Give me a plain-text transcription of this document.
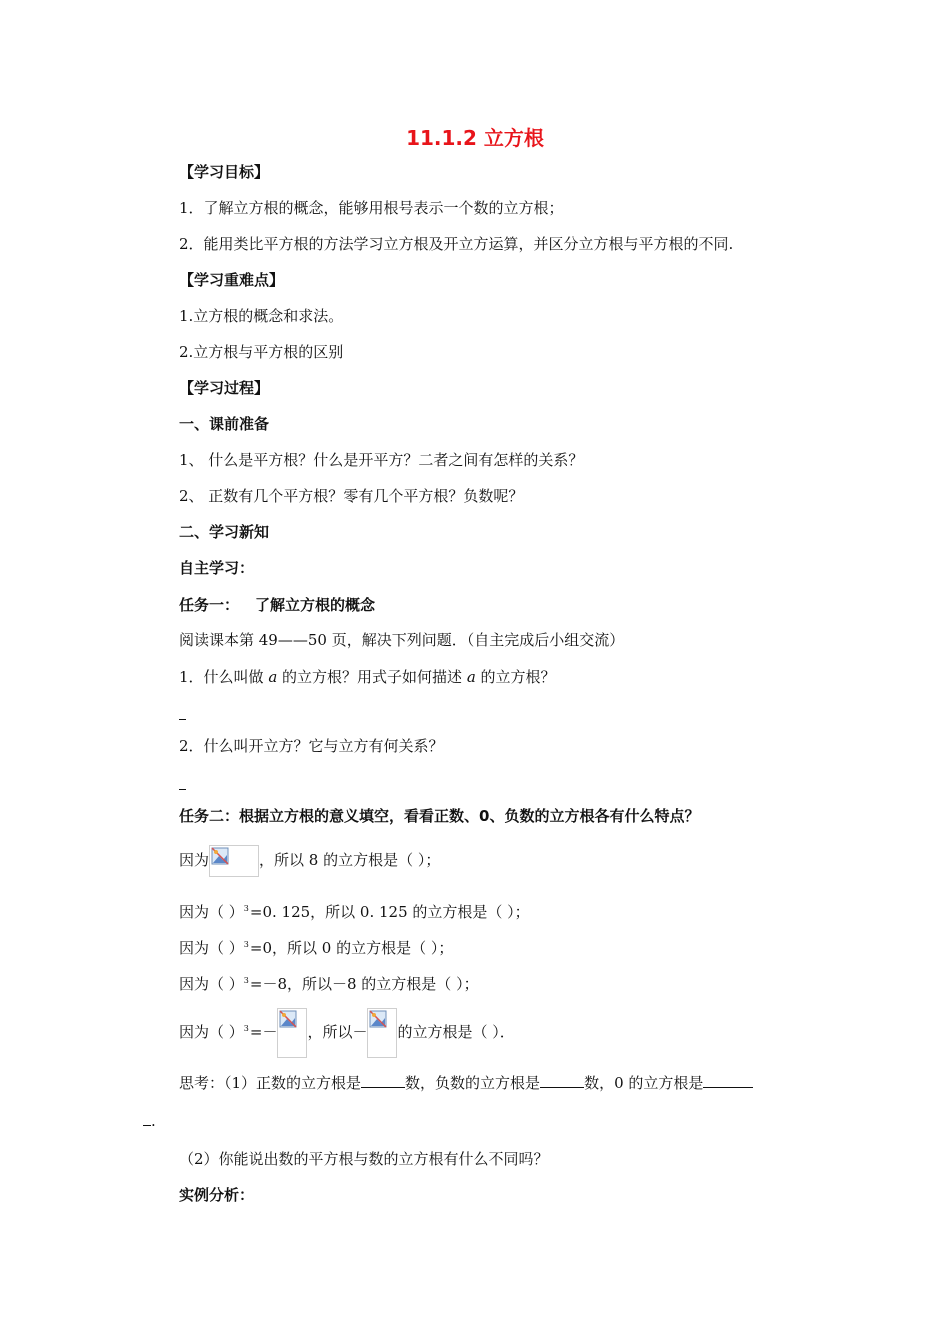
11.1.2 立方根
【学习目标】
1．了解立方根的概念，能够用根号表示一个数的立方根；
2．能用类比平方根的方法学习立方根及开立方运算，并区分立方根与平方根的不同.
【学习重难点】
1.立方根的概念和求法。
2.立方根与平方根的区别
【学习过程】
一、课前准备
1、 什么是平方根？什么是开平方？二者之间有怎样的关系？
2、 正数有几个平方根？零有几个平方根？负数呢？
二、学习新知
自主学习：
任务一： 了解立方根的概念
阅读课本第 49——50 页，解决下列问题．（自主完成后小组交流）
1．什么叫做 a 的立方根？用式子如何描述 a 的立方根？
2．什么叫开立方？它与立方有何关系？
任务二：根据立方根的意义填空，看看正数、0、负数的立方根各有什么特点？
因为	，所以 8 的立方根是（ ）；
因为（ ）$^3$=0. 125，所以 0. 125 的立方根是（ ）；
因为（ ）$^3$=0，所以 0 的立方根是（ ）；
因为（ ）$^3$=－8，所以－8 的立方根是（ ）；
因为（ ）$^3$=－ ，所以－ 的立方根是（ ）．
思考：（1）正数的立方根是	数，负数的立方根是	数，0 的立方根是
.
（2）你能说出数的平方根与数的立方根有什么不同吗？
实例分析：
